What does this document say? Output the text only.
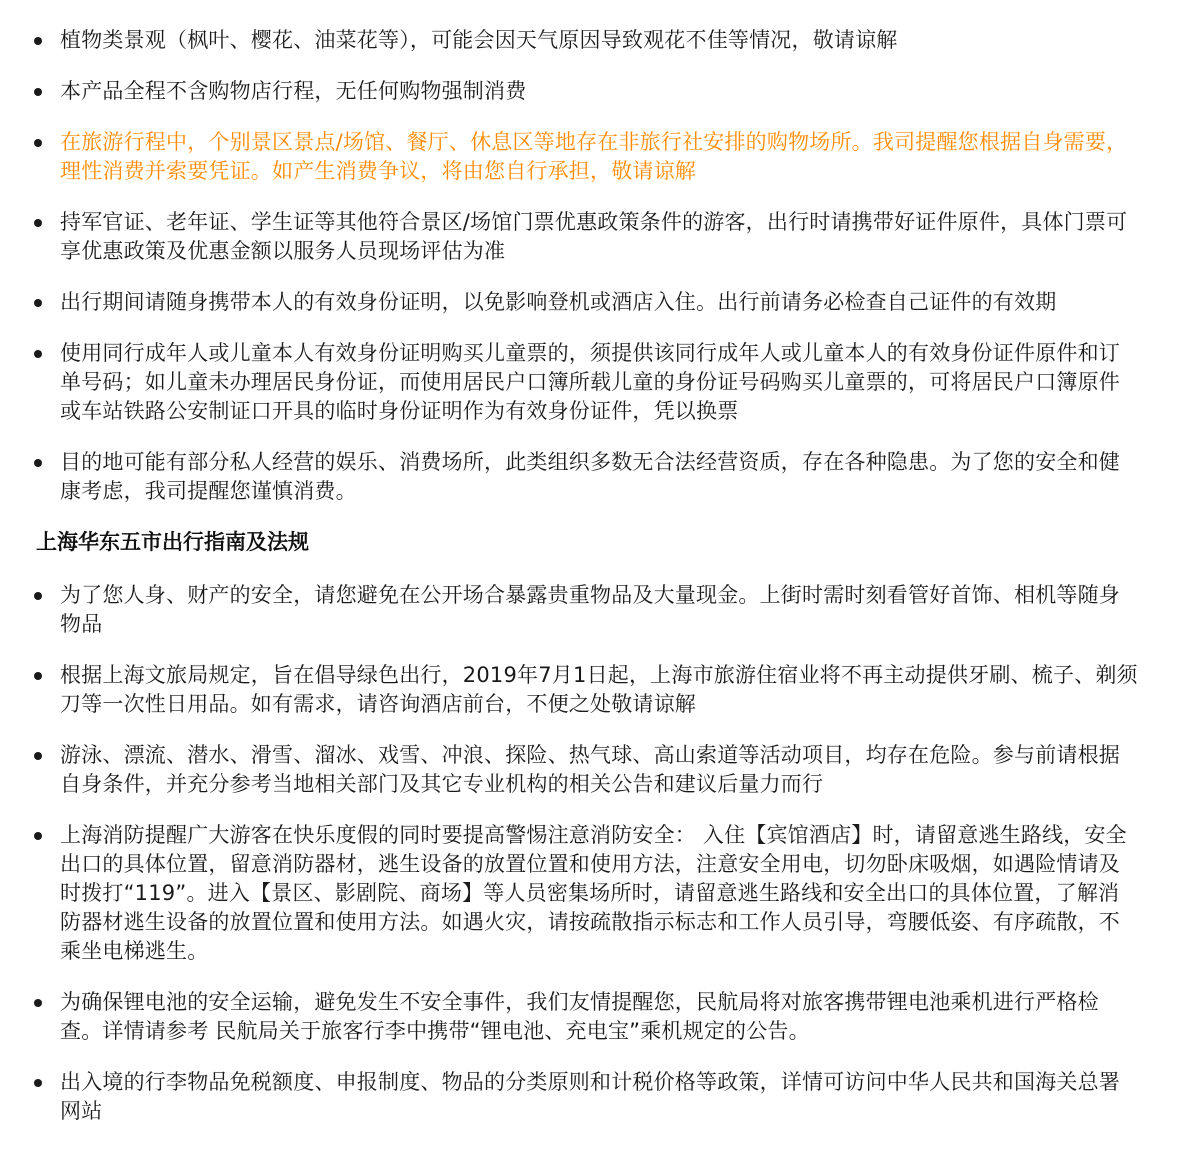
植物类景观（枫叶、樱花、油菜花等），可能会因天气原因导致观花不佳等情况，敬请谅解
本产品全程不含购物店行程，无任何购物强制消费
在旅游行程中，个别景区景点/场馆、餐厅、休息区等地存在非旅行社安排的购物场所。我司提醒您根据自身需要，理性消费并索要凭证。如产生消费争议，将由您自行承担，敬请谅解
持军官证、老年证、学生证等其他符合景区/场馆门票优惠政策条件的游客，出行时请携带好证件原件，具体门票可享优惠政策及优惠金额以服务人员现场评估为准
出行期间请随身携带本人的有效身份证明，以免影响登机或酒店入住。出行前请务必检查自己证件的有效期
使用同行成年人或儿童本人有效身份证明购买儿童票的，须提供该同行成年人或儿童本人的有效身份证件原件和订单号码；如儿童未办理居民身份证，而使用居民户口簿所载儿童的身份证号码购买儿童票的，可将居民户口簿原件或车站铁路公安制证口开具的临时身份证明作为有效身份证件，凭以换票
目的地可能有部分私人经营的娱乐、消费场所，此类组织多数无合法经营资质，存在各种隐患。为了您的安全和健康考虑，我司提醒您谨慎消费。
上海华东五市出行指南及法规
为了您人身、财产的安全，请您避免在公开场合暴露贵重物品及大量现金。上街时需时刻看管好首饰、相机等随身物品
根据上海文旅局规定，旨在倡导绿色出行，2019年7月1日起，上海市旅游住宿业将不再主动提供牙刷、梳子、剃须刀等一次性日用品。如有需求，请咨询酒店前台，不便之处敬请谅解
游泳、漂流、潜水、滑雪、溜冰、戏雪、冲浪、探险、热气球、高山索道等活动项目，均存在危险。参与前请根据自身条件，并充分参考当地相关部门及其它专业机构的相关公告和建议后量力而行
上海消防提醒广大游客在快乐度假的同时要提高警惕注意消防安全： 入住【宾馆酒店】时，请留意逃生路线，安全出口的具体位置，留意消防器材，逃生设备的放置位置和使用方法，注意安全用电，切勿卧床吸烟，如遇险情请及时拨打“119”。进入【景区、影剧院、商场】等人员密集场所时，请留意逃生路线和安全出口的具体位置，了解消防器材逃生设备的放置位置和使用方法。如遇火灾，请按疏散指示标志和工作人员引导，弯腰低姿、有序疏散，不乘坐电梯逃生。
为确保锂电池的安全运输，避免发生不安全事件，我们友情提醒您，民航局将对旅客携带锂电池乘机进行严格检查。详情请参考 民航局关于旅客行李中携带“锂电池、充电宝”乘机规定的公告。
出入境的行李物品免税额度、申报制度、物品的分类原则和计税价格等政策，详情可访问中华人民共和国海关总署网站
